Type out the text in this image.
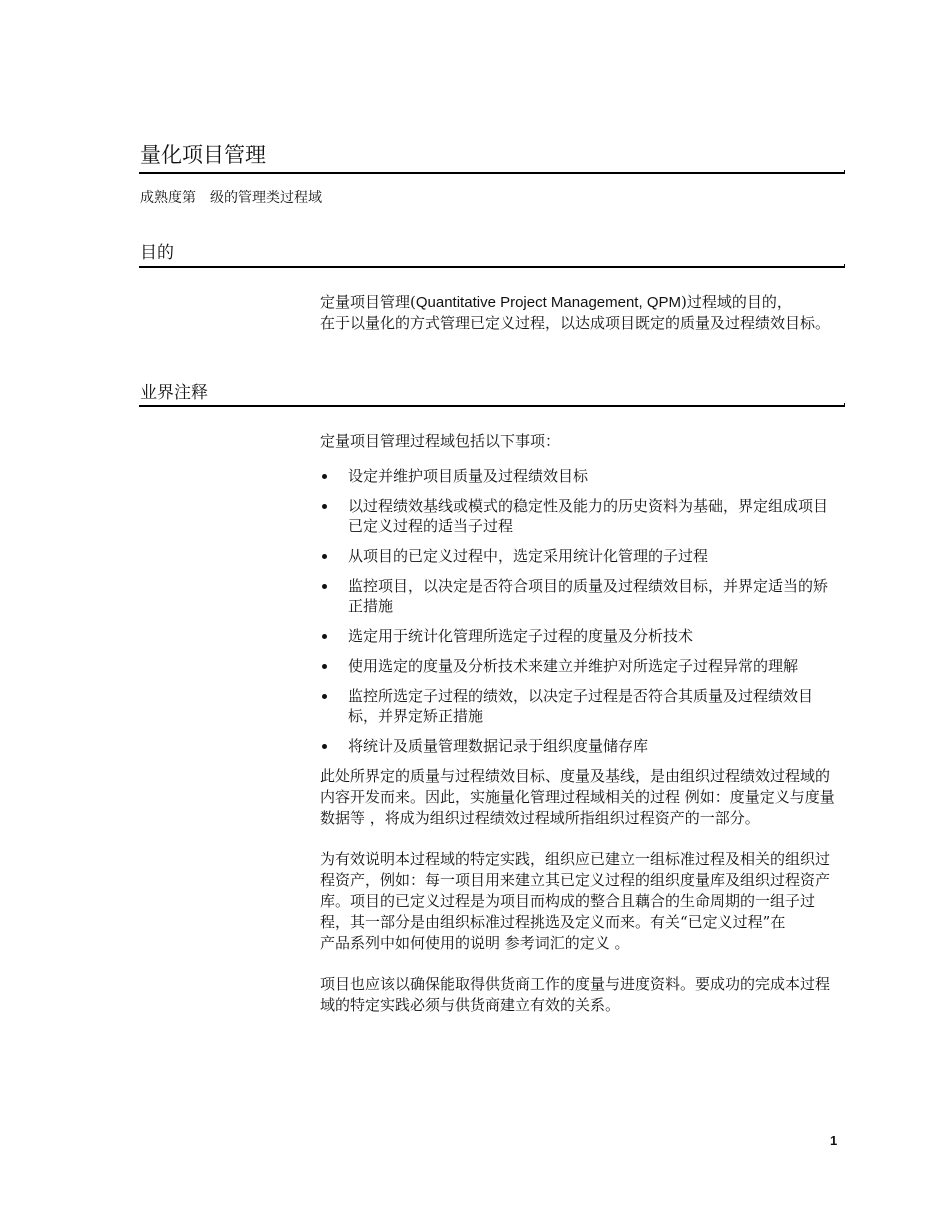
量化项目管理
成熟度第　级的管理类过程域
目的
定量项目管理(Quantitative Project Management, QPM)过程域的目的，
在于以量化的方式管理已定义过程，以达成项目既定的质量及过程绩效目标。
业界注释
定量项目管理过程域包括以下事项：
设定并维护项目质量及过程绩效目标
以过程绩效基线或模式的稳定性及能力的历史资料为基础，界定组成项目已定义过程的适当子过程
从项目的已定义过程中，选定采用统计化管理的子过程
监控项目，以决定是否符合项目的质量及过程绩效目标，并界定适当的矫正措施
选定用于统计化管理所选定子过程的度量及分析技术
使用选定的度量及分析技术来建立并维护对所选定子过程异常的理解
监控所选定子过程的绩效，以决定子过程是否符合其质量及过程绩效目标，并界定矫正措施
将统计及质量管理数据记录于组织度量储存库

此处所界定的质量与过程绩效目标、度量及基线，是由组织过程绩效过程域的内容开发而来。因此，实施量化管理过程域相关的过程 例如：度量定义与度量数据等 ，将成为组织过程绩效过程域所指组织过程资产的一部分。

为有效说明本过程域的特定实践，组织应已建立一组标准过程及相关的组织过程资产，例如：每一项目用来建立其已定义过程的组织度量库及组织过程资产库。项目的已定义过程是为项目而构成的整合且藕合的生命周期的一组子过程，其一部分是由组织标准过程挑选及定义而来。有关“已定义过程”在　　　产品系列中如何使用的说明 参考词汇的定义 。

项目也应该以确保能取得供货商工作的度量与进度资料。要成功的完成本过程域的特定实践必须与供货商建立有效的关系。

1
